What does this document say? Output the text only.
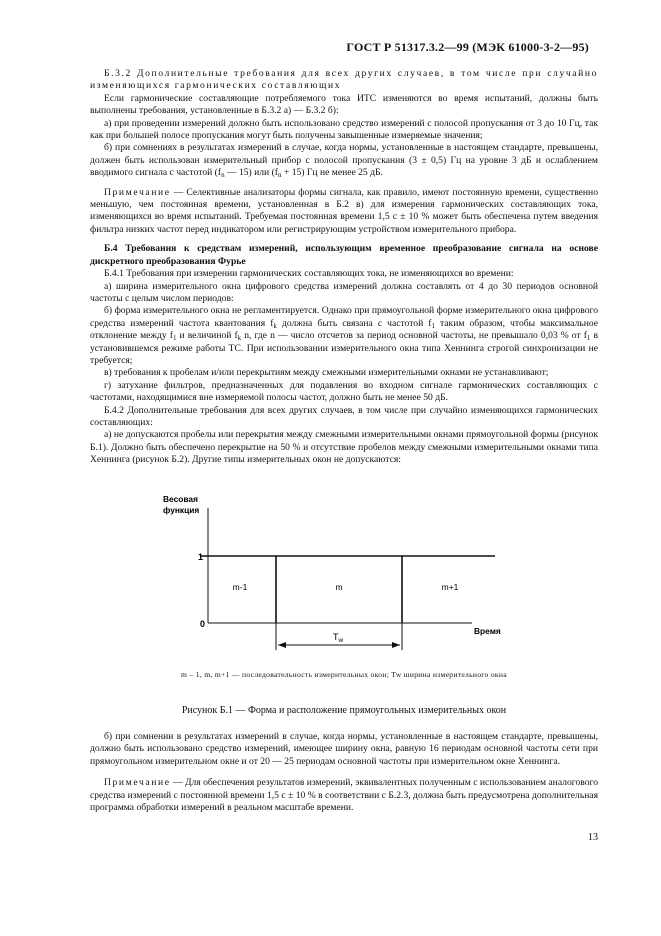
ГОСТ Р 51317.3.2—99 (МЭК 61000-3-2—95)

Б.3.2 Дополнительные требования для всех других случаев, в том числе при случайно изменяющихся гармонических составляющих

Если гармонические составляющие потребляемого тока ИТС изменяются во время испытаний, должны быть выполнены требования, установленные в Б.3.2 а) — Б.3.2 б):

а) при проведении измерений должно быть использовано средство измерений с полосой пропускания от 3 до 10 Гц, так как при большей полосе пропускания могут быть получены завышенные измеряемые значения;

б) при сомнениях в результатах измерений в случае, когда нормы, установленные в настоящем стандарте, превышены, должен быть использован измерительный прибор с полосой пропускания (3 ± 0,5) Гц на уровне 3 дБ и ослаблением вводимого сигнала с частотой ($f_n$ — 15) или $(f_n + 15)$ Гц не менее 25 дБ.

Примечание — Селективные анализаторы формы сигнала, как правило, имеют постоянную времени, существенно меньшую, чем постоянная времени, установленная в Б.2 в) для измерения гармонических составляющих тока, изменяющихся во время испытаний. Требуемая постоянная времени 1,5 с ± 10 % может быть обеспечена путем введения фильтра низких частот перед индикатором или регистрирующим устройством измерительного прибора.

Б.4 Требования к средствам измерений, использующим временное преобразование сигнала на основе дискретного преобразования Фурье

Б.4.1 Требования при измерении гармонических составляющих тока, не изменяющихся во времени:

а) ширина измерительного окна цифрового средства измерений должна составлять от 4 до 30 периодов основной частоты с целым числом периодов:

б) форма измерительного окна не регламентируется. Однако при прямоугольной форме измерительного окна цифрового средства измерений частота квантования $f_k$ должна быть связана с частотой $f_1$ таким образом, чтобы максимальное отклонение между $f_1$ и величиной $f_k$ n, где n — число отсчетов за период основной частоты, не превышало 0,03 % от $f_1$ в установившемся режиме работы ТС. При использовании измерительного окна типа Хеннинга строгой синхронизации не требуется;

в) требования к пробелам и/или перекрытиям между смежными измерительными окнами не устанавливают;

г) затухание фильтров, предназначенных для подавления во входном сигнале гармонических составляющих с частотами, находящимися вне измеряемой полосы частот, должно быть не менее 50 дБ.

Б.4.2 Дополнительные требования для всех других случаев, в том числе при случайно изменяющихся гармонических составляющих:

а) не допускаются пробелы или перекрытия между смежными измерительными окнами прямоугольной формы (рисунок Б.1). Должно быть обеспечено перекрытие на 50 % и отсутствие пробелов между смежными измерительными окнами типа Хеннинга (рисунок Б.2). Другие типы измерительных окон не допускаются:

Весовая
функция
1
0
m-1	m	m+1
Время
$T_w$
m – 1, m, m+1 — последовательность измерительных окон; Tw ширина измерительного окна
Рисунок Б.1 — Форма и расположение прямоугольных измерительных окон

б) при сомнении в результатах измерений в случае, когда нормы, установленные в настоящем стандарте, превышены, должно быть использовано средство измерений, имеющее ширину окна, равную 16 периодам основной частоты сети при прямоугольном измерительном окне и от 20 — 25 периодам основной частоты при измерительном окне Хеннинга.

Примечание — Для обеспечения результатов измерений, эквивалентных полученным с использованием аналогового средства измерений с постоянной времени 1,5 с ± 10 % в соответствии с Б.2.3, должна быть предусмотрена дополнительная программа обработки измерений в реальном масштабе времени.

13
